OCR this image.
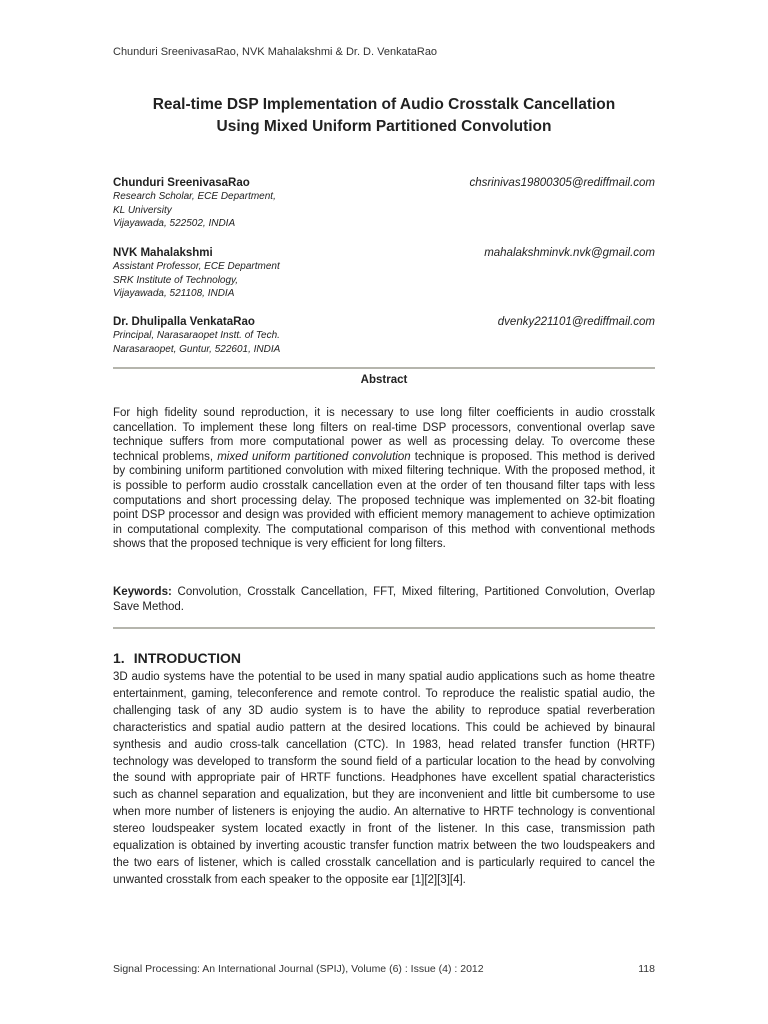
Chunduri SreenivasaRao, NVK Mahalakshmi & Dr. D. VenkataRao
Real-time DSP Implementation of Audio Crosstalk Cancellation
Using Mixed Uniform Partitioned Convolution
Chunduri SreenivasaRao	chsrinivas19800305@rediffmail.com
Research Scholar, ECE Department,
KL University
Vijayawada, 522502, INDIA
NVK Mahalakshmi	mahalakshminvk.nvk@gmail.com
Assistant Professor, ECE Department
SRK Institute of Technology,
Vijayawada, 521108, INDIA
Dr. Dhulipalla VenkataRao	dvenky221101@rediffmail.com
Principal, Narasaraopet Instt. of Tech.
Narasaraopet, Guntur, 522601, INDIA
Abstract
For high fidelity sound reproduction, it is necessary to use long filter coefficients in audio crosstalk cancellation. To implement these long filters on real-time DSP processors, conventional overlap save technique suffers from more computational power as well as processing delay. To overcome these technical problems, mixed uniform partitioned convolution technique is proposed. This method is derived by combining uniform partitioned convolution with mixed filtering technique. With the proposed method, it is possible to perform audio crosstalk cancellation even at the order of ten thousand filter taps with less computations and short processing delay. The proposed technique was implemented on 32-bit floating point DSP processor and design was provided with efficient memory management to achieve optimization in computational complexity. The computational comparison of this method with conventional methods shows that the proposed technique is very efficient for long filters.
Keywords: Convolution, Crosstalk Cancellation, FFT, Mixed filtering, Partitioned Convolution, Overlap Save Method.
1. INTRODUCTION
3D audio systems have the potential to be used in many spatial audio applications such as home theatre entertainment, gaming, teleconference and remote control. To reproduce the realistic spatial audio, the challenging task of any 3D audio system is to have the ability to reproduce spatial reverberation characteristics and spatial audio pattern at the desired locations. This could be achieved by binaural synthesis and audio cross-talk cancellation (CTC). In 1983, head related transfer function (HRTF) technology was developed to transform the sound field of a particular location to the head by convolving the sound with appropriate pair of HRTF functions. Headphones have excellent spatial characteristics such as channel separation and equalization, but they are inconvenient and little bit cumbersome to use when more number of listeners is enjoying the audio. An alternative to HRTF technology is conventional stereo loudspeaker system located exactly in front of the listener. In this case, transmission path equalization is obtained by inverting acoustic transfer function matrix between the two loudspeakers and the two ears of listener, which is called crosstalk cancellation and is particularly required to cancel the unwanted crosstalk from each speaker to the opposite ear [1][2][3][4].
Signal Processing: An International Journal (SPIJ), Volume (6) : Issue (4) : 2012	118
